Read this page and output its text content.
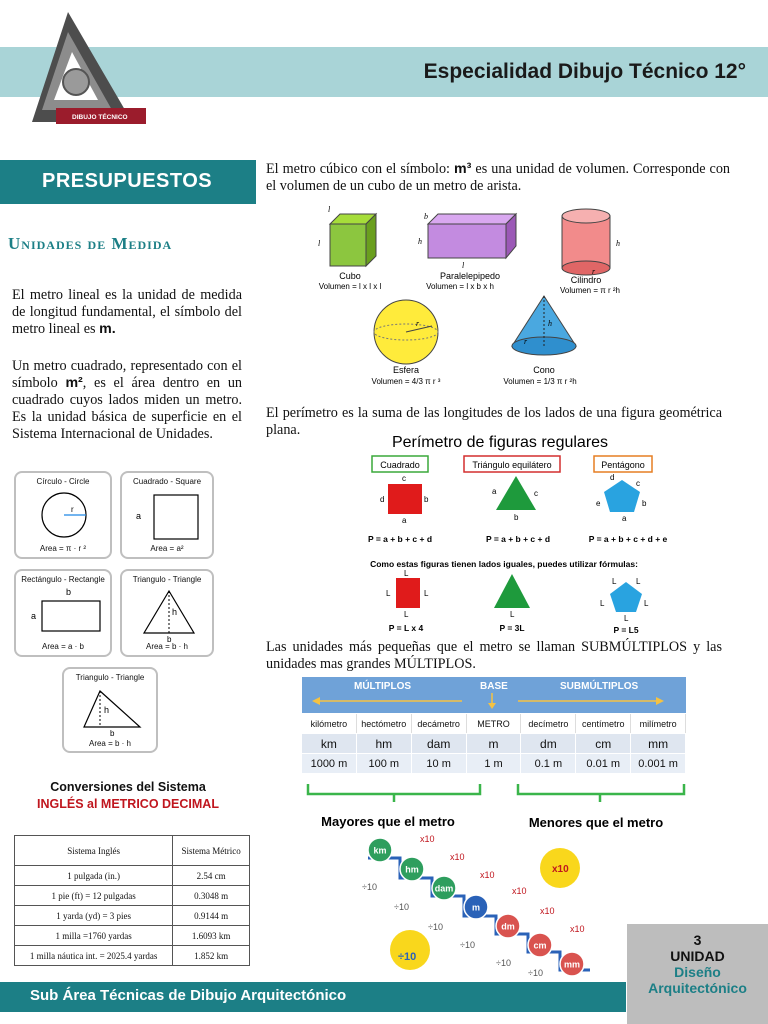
Especialidad Dibujo Técnico 12°
DIBUJO TÉCNICO
PRESUPUESTOS
Unidades de Medida
El metro lineal es la unidad de medida de longitud fundamental, el símbolo del metro lineal es m.
Un metro cuadrado, representado con el símbolo m², es el área dentro en un cuadrado cuyos lados miden un metro. Es la unidad básica de superficie en el Sistema Internacional de Unidades.
Círculo - Circle
r
Area = π · r ²
Cuadrado - Square
a
Area = a²
Rectángulo - Rectangle
b
a
Area = a · b
Triangulo - Triangle
h
b
Area = b · h
Triangulo - Triangle
h
b
Area = b · h
Conversiones del Sistema
INGLÉS al METRICO DECIMAL
Sistema Inglés	Sistema Métrico
1 pulgada (in.)	2.54 cm
1 pie (ft) = 12 pulgadas	0.3048 m
1 yarda (yd) = 3 pies	0.9144 m
1 milla =1760 yardas	1.6093 km
1 milla náutica int. = 2025.4 yardas	1.852 km
El metro cúbico con el símbolo: m³ es una unidad de volumen. Corresponde con el volumen de un cubo de un metro de arista.
l
l
Cubo
Volumen = l x l x l
b
h
l
Paralelepipedo
Volumen = l x b x h
h
r
Cilindro
Volumen = π r ²h
r
Esfera
Volumen = 4/3 π r ³
h
r
Cono
Volumen = 1/3 π r ²h
El perímetro es la suma de las longitudes de los lados de una figura geométrica plana.
Perímetro de figuras regulares
Cuadrado	Triángulo equilátero	Pentágono
c
d	b
a
a	c
b
d
c
e	b
a
P = a + b + c + d	P = a + b + c + d	P = a + b + c + d + e
Como estas figuras tienen lados iguales, puedes utilizar fórmulas:
L
L	L
L	L
L L
L	L
L
P = L x 4	P = 3L	P = L5
Las unidades más pequeñas que el metro se llaman SUBMÚLTIPLOS y las unidades mas grandes MÚLTIPLOS.
MÚLTIPLOS	BASE	SUBMÚLTIPLOS
kilómetro	hectómetro	decámetro	METRO	decímetro	centímetro	milímetro
km	hm	dam	m	dm	cm	mm
1000 m	100 m	10 m	1 m	0.1 m	0.01 m	0.001 m
Mayores que el metro	Menores que el metro
km
hm
dam
m
dm
cm
mm
x10
x10
x10
x10
x10
x10
÷10
÷10
÷10
÷10
÷10
÷10
x10
÷10
Sub Área Técnicas de Dibujo Arquitectónico
3
UNIDAD
Diseño
Arquitectónico
